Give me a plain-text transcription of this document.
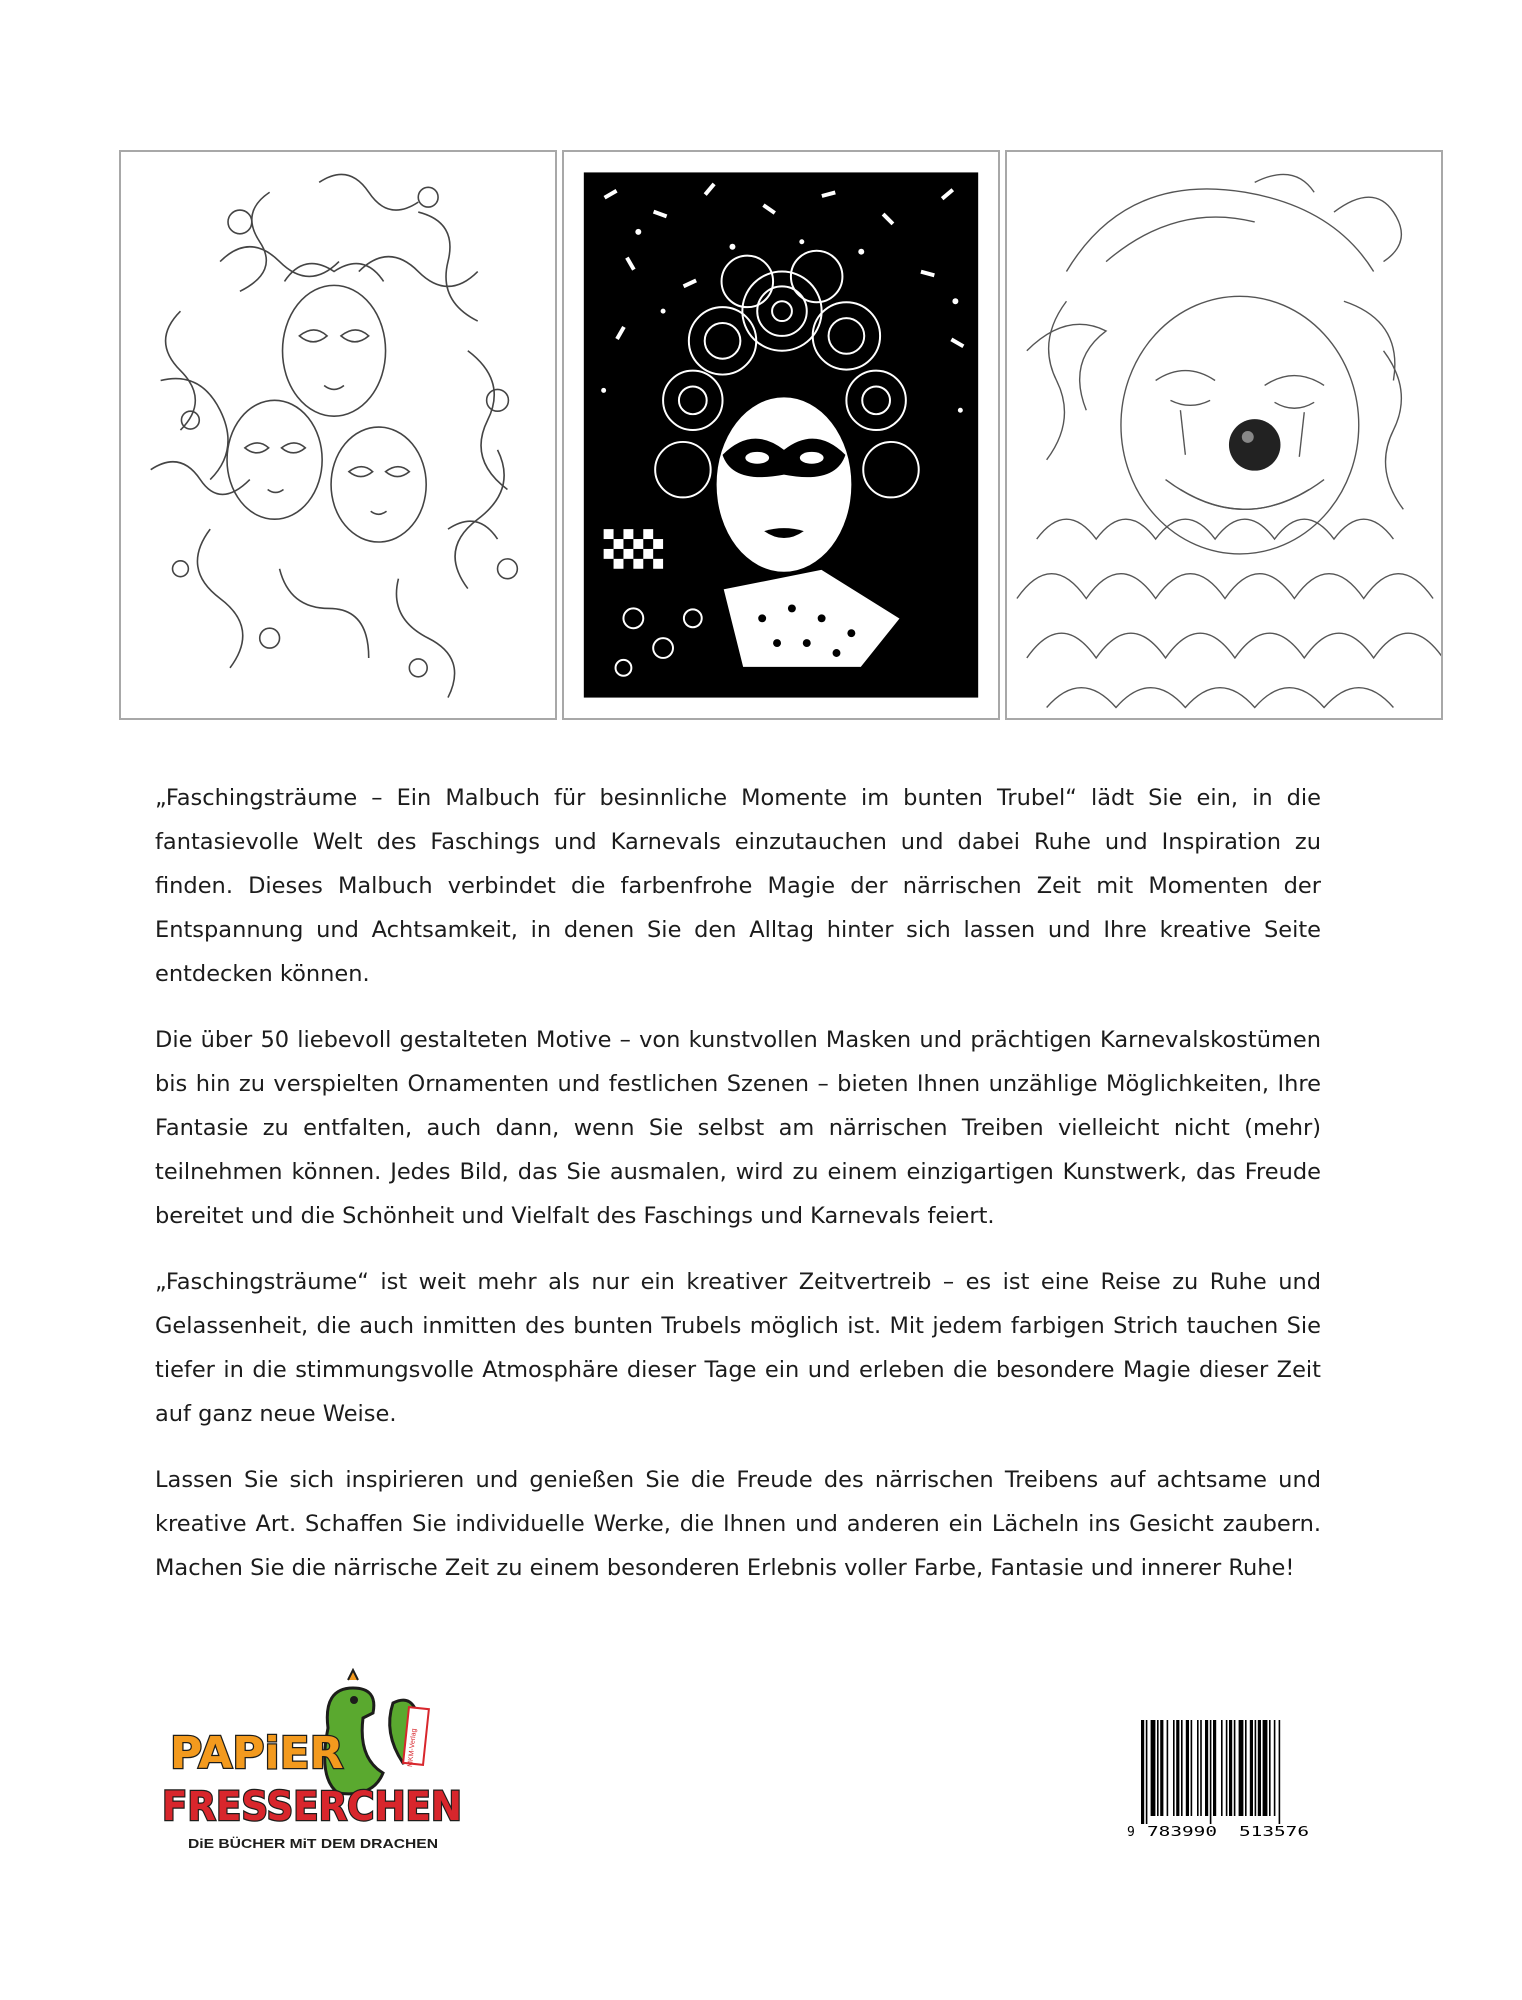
„Faschingsträume – Ein Malbuch für besinnliche Momente im bunten Trubel“ lädt Sie ein, in die fantasievolle Welt des Faschings und Karnevals einzutauchen und dabei Ruhe und Inspiration zu finden. Dieses Malbuch verbindet die farbenfrohe Magie der närrischen Zeit mit Momenten der Entspannung und Achtsamkeit, in denen Sie den Alltag hinter sich lassen und Ihre kreative Seite entdecken können.

Die über 50 liebevoll gestalteten Motive – von kunstvollen Masken und prächtigen Karnevalskostümen bis hin zu verspielten Ornamenten und festlichen Szenen – bieten Ihnen unzählige Möglichkeiten, Ihre Fantasie zu entfalten, auch dann, wenn Sie selbst am närrischen Treiben vielleicht nicht (mehr) teilnehmen können. Jedes Bild, das Sie ausmalen, wird zu einem einzigartigen Kunstwerk, das Freude bereitet und die Schönheit und Vielfalt des Faschings und Karnevals feiert.

„Faschingsträume“ ist weit mehr als nur ein kreativer Zeitvertreib – es ist eine Reise zu Ruhe und Gelassenheit, die auch inmitten des bunten Trubels möglich ist. Mit jedem farbigen Strich tauchen Sie tiefer in die stimmungsvolle Atmosphäre dieser Tage ein und erleben die besondere Magie dieser Zeit auf ganz neue Weise.

Lassen Sie sich inspirieren und genießen Sie die Freude des närrischen Treibens auf achtsame und kreative Art. Schaffen Sie individuelle Werke, die Ihnen und anderen ein Lächeln ins Gesicht zaubern. Machen Sie die närrische Zeit zu einem besonderen Erlebnis voller Farbe, Fantasie und innerer Ruhe!

MKM-Verlag
PAPiER
FRESSERCHEN
DiE BÜCHER MiT DEM DRACHEN
9 783990 513576
